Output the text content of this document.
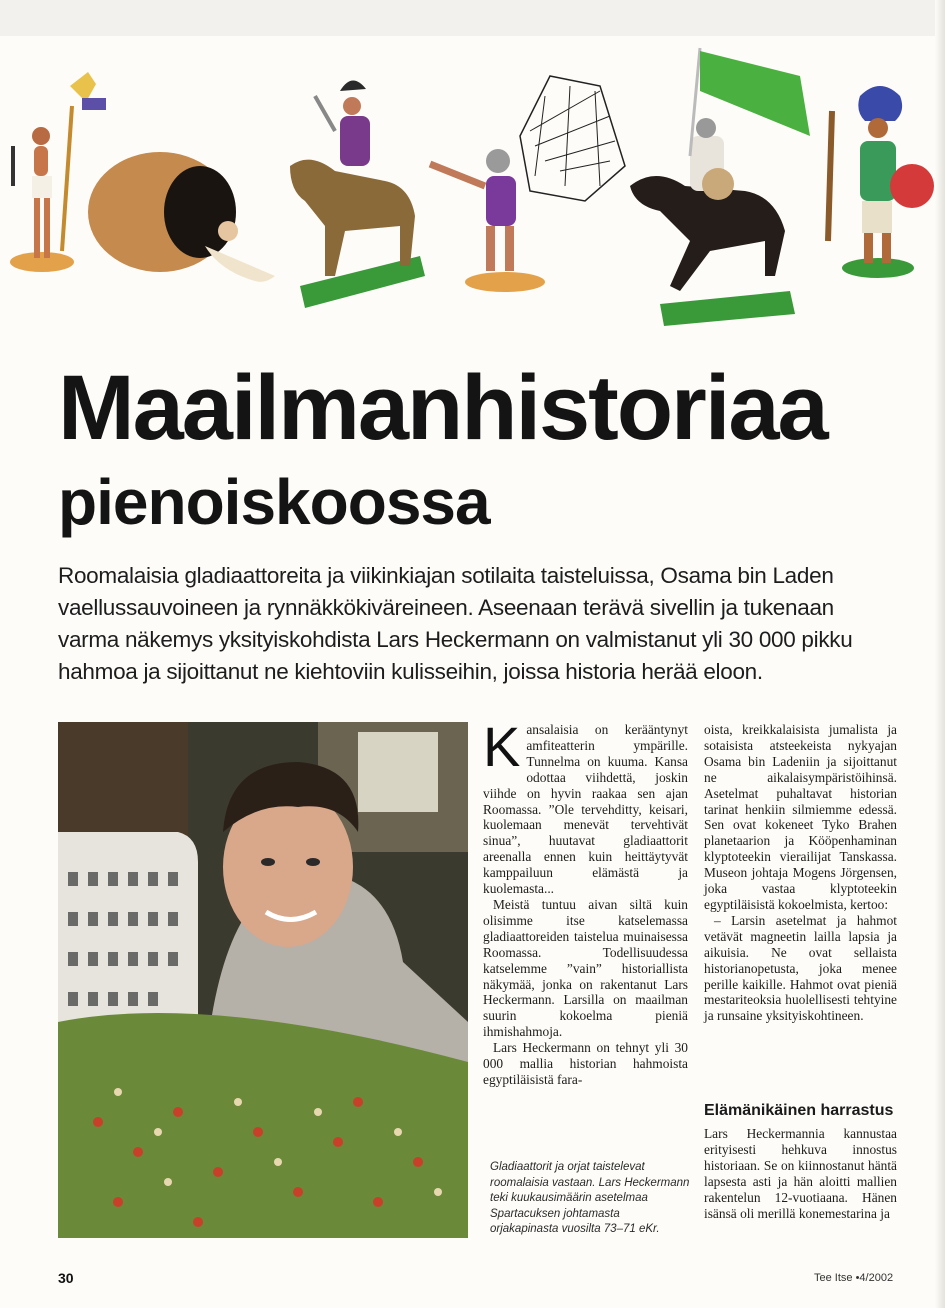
Maailmanhistoriaa
pienoiskoossa

Roomalaisia gladiaattoreita ja viikinkiajan sotilaita taisteluissa, Osama bin Laden vaellussauvoineen ja rynnäkkökiväreineen. Aseenaan terävä sivellin ja tukenaan varma näkemys yksityiskohdista Lars Heckermann on valmistanut yli 30 000 pikku hahmoa ja sijoittanut ne kiehtoviin kulisseihin, joissa historia herää eloon.

Kansalaisia on kerääntynyt amfiteatterin ympärille. Tunnelma on kuuma. Kansa odottaa viihdettä, joskin viihde on hyvin raakaa sen ajan Roomassa. ”Ole tervehditty, keisari, kuolemaan menevät tervehtivät sinua”, huutavat gladiaattorit areenalla ennen kuin heittäytyvät kamppailuun elämästä ja kuolemasta...

Meistä tuntuu aivan siltä kuin olisimme itse katselemassa gladiaattoreiden taistelua muinaisessa Roomassa. Todellisuudessa katselemme ”vain” historiallista näkymää, jonka on rakentanut Lars Heckermann. Larsilla on maailman suurin kokoelma pieniä ihmishahmoja.

Lars Heckermann on tehnyt yli 30 000 mallia historian hahmoista egyptiläisistä fara-

Gladiaattorit ja orjat taistelevat roomalaisia vastaan. Lars Heckermann teki kuukausimäärin asetelmaa Spartacuksen johtamasta orjakapinasta vuosilta 73–71 eKr.

oista, kreikkalaisista jumalista ja sotaisista atsteekeista nykyajan Osama bin Ladeniin ja sijoittanut ne aikalaisympäristöihinsä. Asetelmat puhaltavat historian tarinat henkiin silmiemme edessä. Sen ovat kokeneet Tyko Brahen planetaarion ja Kööpenhaminan klyptoteekin vierailijat Tanskassa. Museon johtaja Mogens Jörgensen, joka vastaa klyptoteekin egyptiläisistä kokoelmista, kertoo:

– Larsin asetelmat ja hahmot vetävät magneetin lailla lapsia ja aikuisia. Ne ovat sellaista historianopetusta, joka menee perille kaikille. Hahmot ovat pieniä mestariteoksia huolellisesti tehtyine ja runsaine yksityiskohtineen.

Elämänikäinen harrastus

Lars Heckermannia kannustaa erityisesti hehkuva innostus historiaan. Se on kiinnostanut häntä lapsesta asti ja hän aloitti mallien rakentelun 12-vuotiaana. Hänen isänsä oli merillä konemestarina ja

30	Tee Itse •4/2002
